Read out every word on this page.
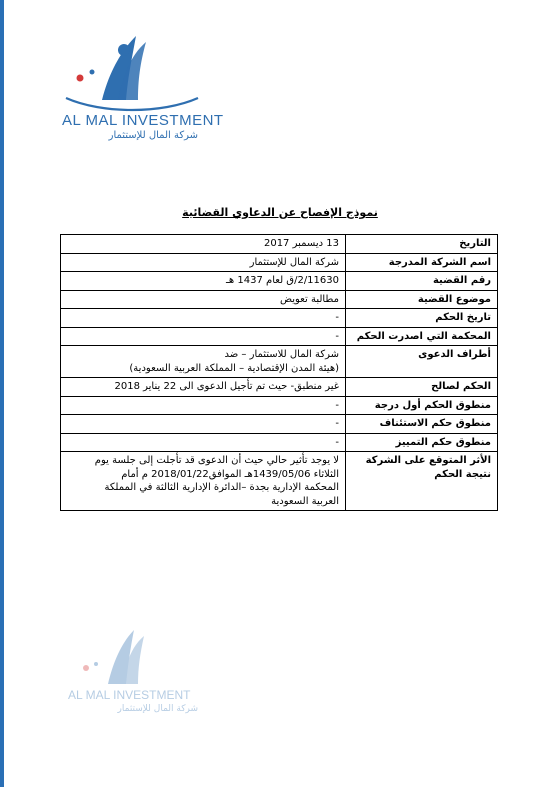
AL MAL INVESTMENT
شركة المال للإستثمار
نموذج الإفصاح عن الدعاوي القضائية
التاريخ	13 ديسمبر 2017
اسم الشركة المدرجة	شركة المال للإستثمار
رقم القضية	2/11630/ق لعام 1437 هـ
موضوع القضية	مطالبة تعويض
تاريخ الحكم	-
المحكمة التي اصدرت الحكم	-
أطراف الدعوى	شركة المال للاستثمار – ضد
(هيئة المدن الإقتصادية – المملكة العربية السعودية)

الحكم لصالح	غير منطبق- حيث تم تأجيل الدعوى الى 22 يناير 2018
منطوق الحكم أول درجة	-
منطوق حكم الاستئناف	-
منطوق حكم التمييز	-
الأثر المتوقع على الشركة نتيجة الحكم	لا يوجد تأثير حالي حيث أن الدعوى قد تأجلت إلى جلسة يوم
الثلاثاء 1439/05/06هـ الموافق2018/01/22 م أمام
المحكمة الإدارية بجدة –الدائرة الإدارية الثالثة في المملكة
العربية السعودية
AL MAL INVESTMENT
شركة المال للإستثمار
